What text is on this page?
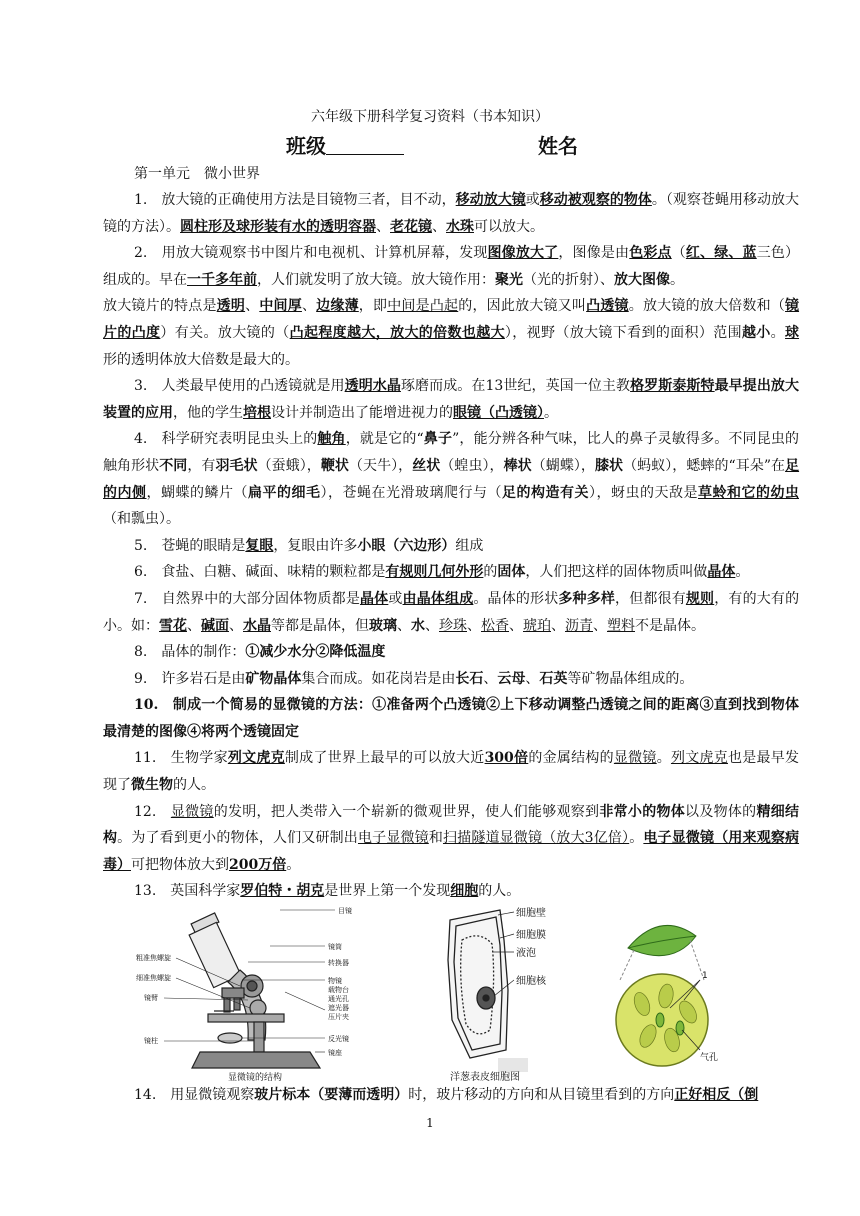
六年级下册科学复习资料（书本知识）
班级	姓名
第一单元　微小世界

1.　放大镜的正确使用方法是目镜物三者，目不动，移动放大镜或移动被观察的物体。（观察苍蝇用移动放大镜的方法）。圆柱形及球形装有水的透明容器、老花镜、水珠可以放大。

2.　用放大镜观察书中图片和电视机、计算机屏幕，发现图像放大了，图像是由色彩点（红、绿、蓝三色）组成的。早在一千多年前，人们就发明了放大镜。放大镜作用：聚光（光的折射）、放大图像。

放大镜片的特点是透明、中间厚、边缘薄，即中间是凸起的，因此放大镜又叫凸透镜。放大镜的放大倍数和（镜片的凸度）有关。放大镜的（凸起程度越大，放大的倍数也越大），视野（放大镜下看到的面积）范围越小。球 形的透明体放大倍数是最大的。

3.　人类最早使用的凸透镜就是用透明水晶琢磨而成。在13世纪，英国一位主教格罗斯泰斯特最早提出放大装置的应用，他的学生培根设计并制造出了能增进视力的眼镜（凸透镜）。

4.　科学研究表明昆虫头上的触角，就是它的“鼻子”，能分辨各种气味，比人的鼻子灵敏得多。不同昆虫的触角形状不同，有羽毛状（蚕蛾），鞭状（天牛），丝状（蝗虫），棒状（蝴蝶），膝状（蚂蚁），蟋蟀的“耳朵”在足的内侧，蝴蝶的鳞片（扁平的细毛），苍蝇在光滑玻璃爬行与（足的构造有关），蚜虫的天敌是草蛉和它的幼虫（和瓢虫）。

5.　苍蝇的眼睛是复眼，复眼由许多小眼（六边形）组成

6.　食盐、白糖、碱面、味精的颗粒都是有规则几何外形的固体，人们把这样的固体物质叫做晶体。

7.　自然界中的大部分固体物质都是晶体或由晶体组成。晶体的形状多种多样，但都很有规则，有的大有的小。如：雪花、碱面、水晶等都是晶体，但玻璃、水、珍珠、松香、琥珀、沥青、塑料不是晶体。

8.　晶体的制作：①减少水分②降低温度

9.　许多岩石是由矿物晶体集合而成。如花岗岩是由长石、云母、石英等矿物晶体组成的。

10.　制成一个简易的显微镜的方法：①准备两个凸透镜②上下移动调整凸透镜之间的距离③直到找到物体最清楚的图像④将两个透镜固定

11.　生物学家列文虎克制成了世界上最早的可以放大近300倍的金属结构的显微镜。列文虎克也是最早发现了微生物的人。

12.　显微镜的发明，把人类带入一个崭新的微观世界，使人们能够观察到非常小的物体以及物体的精细结构。为了看到更小的物体，人们又研制出电子显微镜和扫描隧道显微镜（放大3亿倍）。电子显微镜（用来观察病毒）可把物体放大到200万倍。

13.　英国科学家罗伯特・胡克是世界上第一个发现细胞的人。

目镜
镜筒
转换器
物镜
载物台
通光孔
遮光器
压片夹
反光镜
镜座
粗准焦螺旋
细准焦螺旋
镜臂
镜柱
显微镜的结构
细胞壁
细胞膜
液泡
细胞核
洋葱表皮细胞图
1
气孔

14.　用显微镜观察玻片标本（要薄而透明）时，玻片移动的方向和从目镜里看到的方向正好相反（倒

1
